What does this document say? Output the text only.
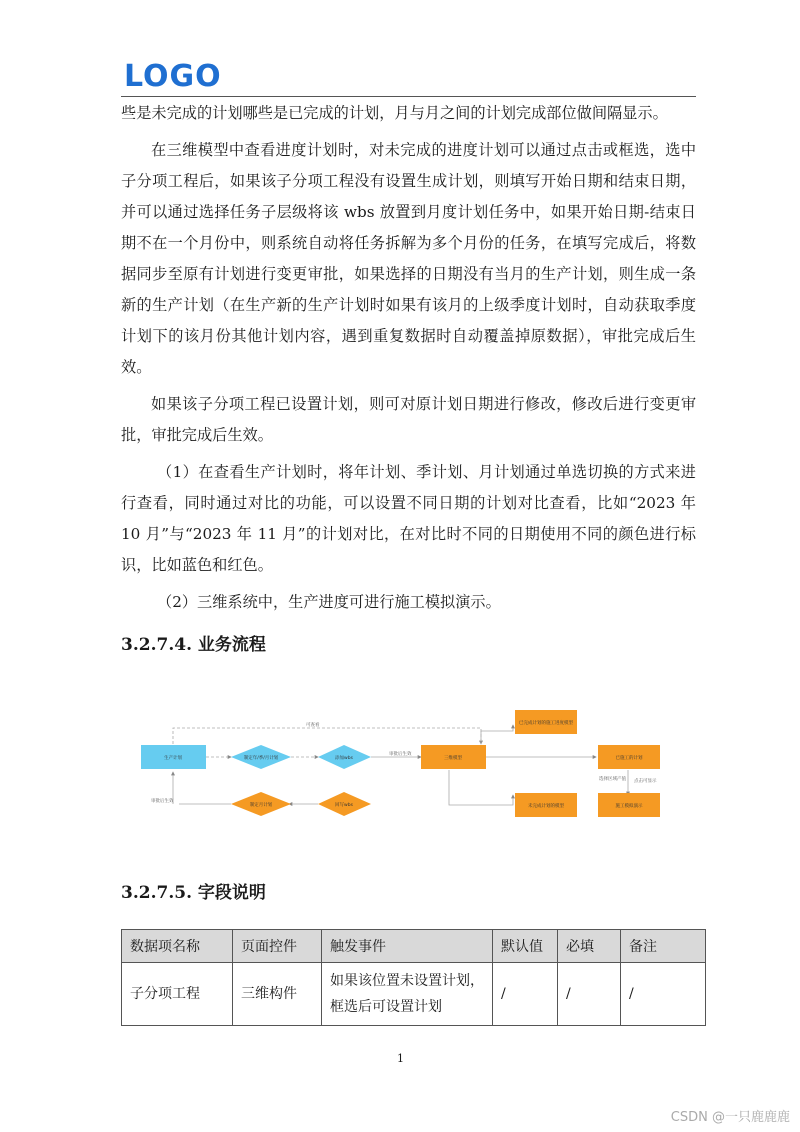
LOGO

些是未完成的计划哪些是已完成的计划，月与月之间的计划完成部位做间隔显示。

在三维模型中查看进度计划时，对未完成的进度计划可以通过点击或框选，选中子分项工程后，如果该子分项工程没有设置生成计划，则填写开始日期和结束日期，并可以通过选择任务子层级将该 wbs 放置到月度计划任务中，如果开始日期-结束日期不在一个月份中，则系统自动将任务拆解为多个月份的任务，在填写完成后，将数据同步至原有计划进行变更审批，如果选择的日期没有当月的生产计划，则生成一条新的生产计划（在生产新的生产计划时如果有该月的上级季度计划时，自动获取季度计划下的该月份其他计划内容，遇到重复数据时自动覆盖掉原数据），审批完成后生效。

如果该子分项工程已设置计划，则可对原计划日期进行修改，修改后进行变更审批，审批完成后生效。

（1）在查看生产计划时，将年计划、季计划、月计划通过单选切换的方式来进行查看，同时通过对比的功能，可以设置不同日期的计划对比查看，比如“2023 年 10 月”与“2023 年 11 月”的计划对比，在对比时不同的日期使用不同的颜色进行标识，比如蓝色和红色。

（2）三维系统中，生产进度可进行施工模拟演示。

3.2.7.4. 业务流程
可查看
审批后生效
审批后生效
选择区域产值 点击可显示
生产计划	制定年/季/月计划	添加wbs	三维模型
已完成计划的施工进度模型
未完成计划的模型
制定月计划	回写wbs
已施工的计划
施工模拟演示
3.2.7.5. 字段说明
数据项名称	页面控件	触发事件	默认值	必填	备注
子分项工程	三维构件	如果该位置未设置计划，框选后可设置计划	/	/	/
1
CSDN @一只鹿鹿鹿
